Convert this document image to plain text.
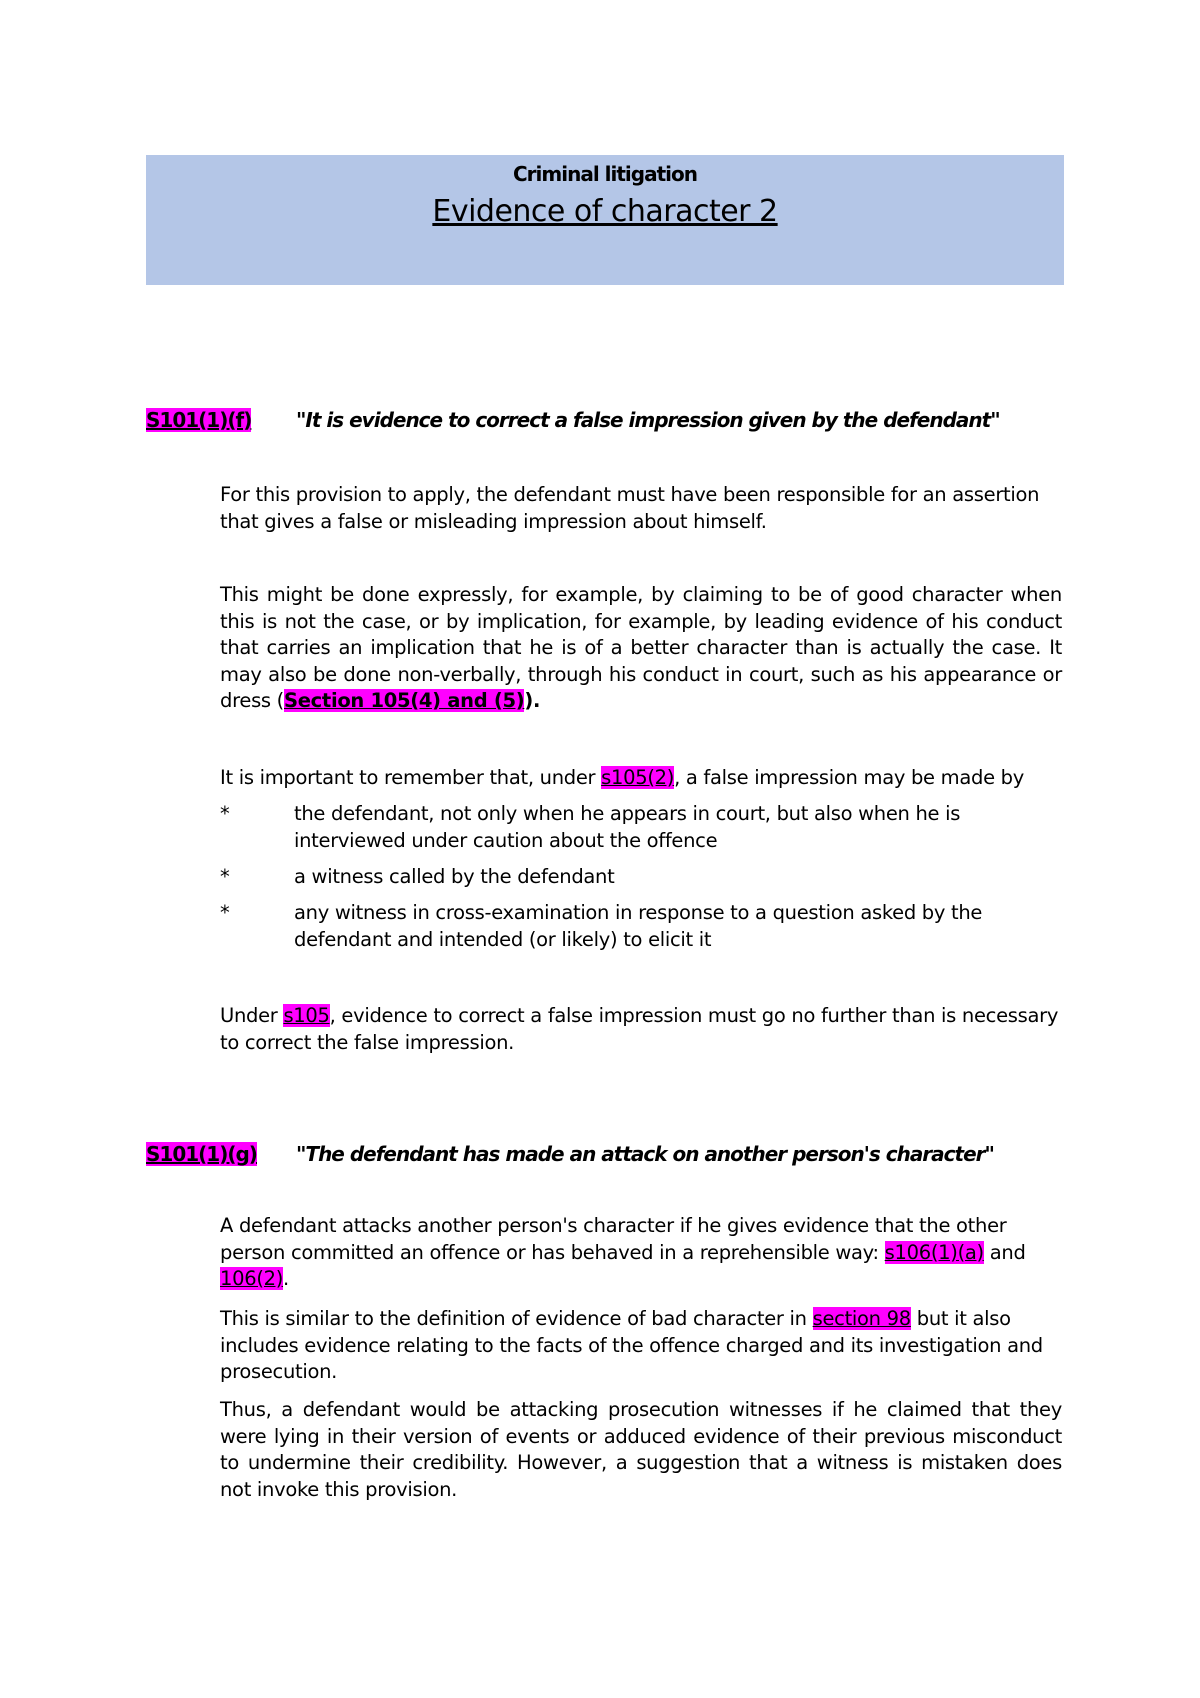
Criminal litigation
Evidence of character 2
S101(1)(f) "It is evidence to correct a false impression given by the defendant"

For this provision to apply, the defendant must have been responsible for an assertion that gives a false or misleading impression about himself.

This might be done expressly, for example, by claiming to be of good character when this is not the case, or by implication, for example, by leading evidence of his conduct that carries an implication that he is of a better character than is actually the case. It may also be done non-verbally, through his conduct in court, such as his appearance or dress (Section 105(4) and (5)).

It is important to remember that, under s105(2), a false impression may be made by

*	the defendant, not only when he appears in court, but also when he is interviewed under caution about the offence
*	a witness called by the defendant
*	any witness in cross-examination in response to a question asked by the defendant and intended (or likely) to elicit it

Under s105, evidence to correct a false impression must go no further than is necessary to correct the false impression.

S101(1)(g) "The defendant has made an attack on another person's character"

A defendant attacks another person's character if he gives evidence that the other person committed an offence or has behaved in a reprehensible way: s106(1)(a) and 106(2).

This is similar to the definition of evidence of bad character in section 98 but it also includes evidence relating to the facts of the offence charged and its investigation and prosecution.

Thus, a defendant would be attacking prosecution witnesses if he claimed that they were lying in their version of events or adduced evidence of their previous misconduct to undermine their credibility. However, a suggestion that a witness is mistaken does not invoke this provision.
